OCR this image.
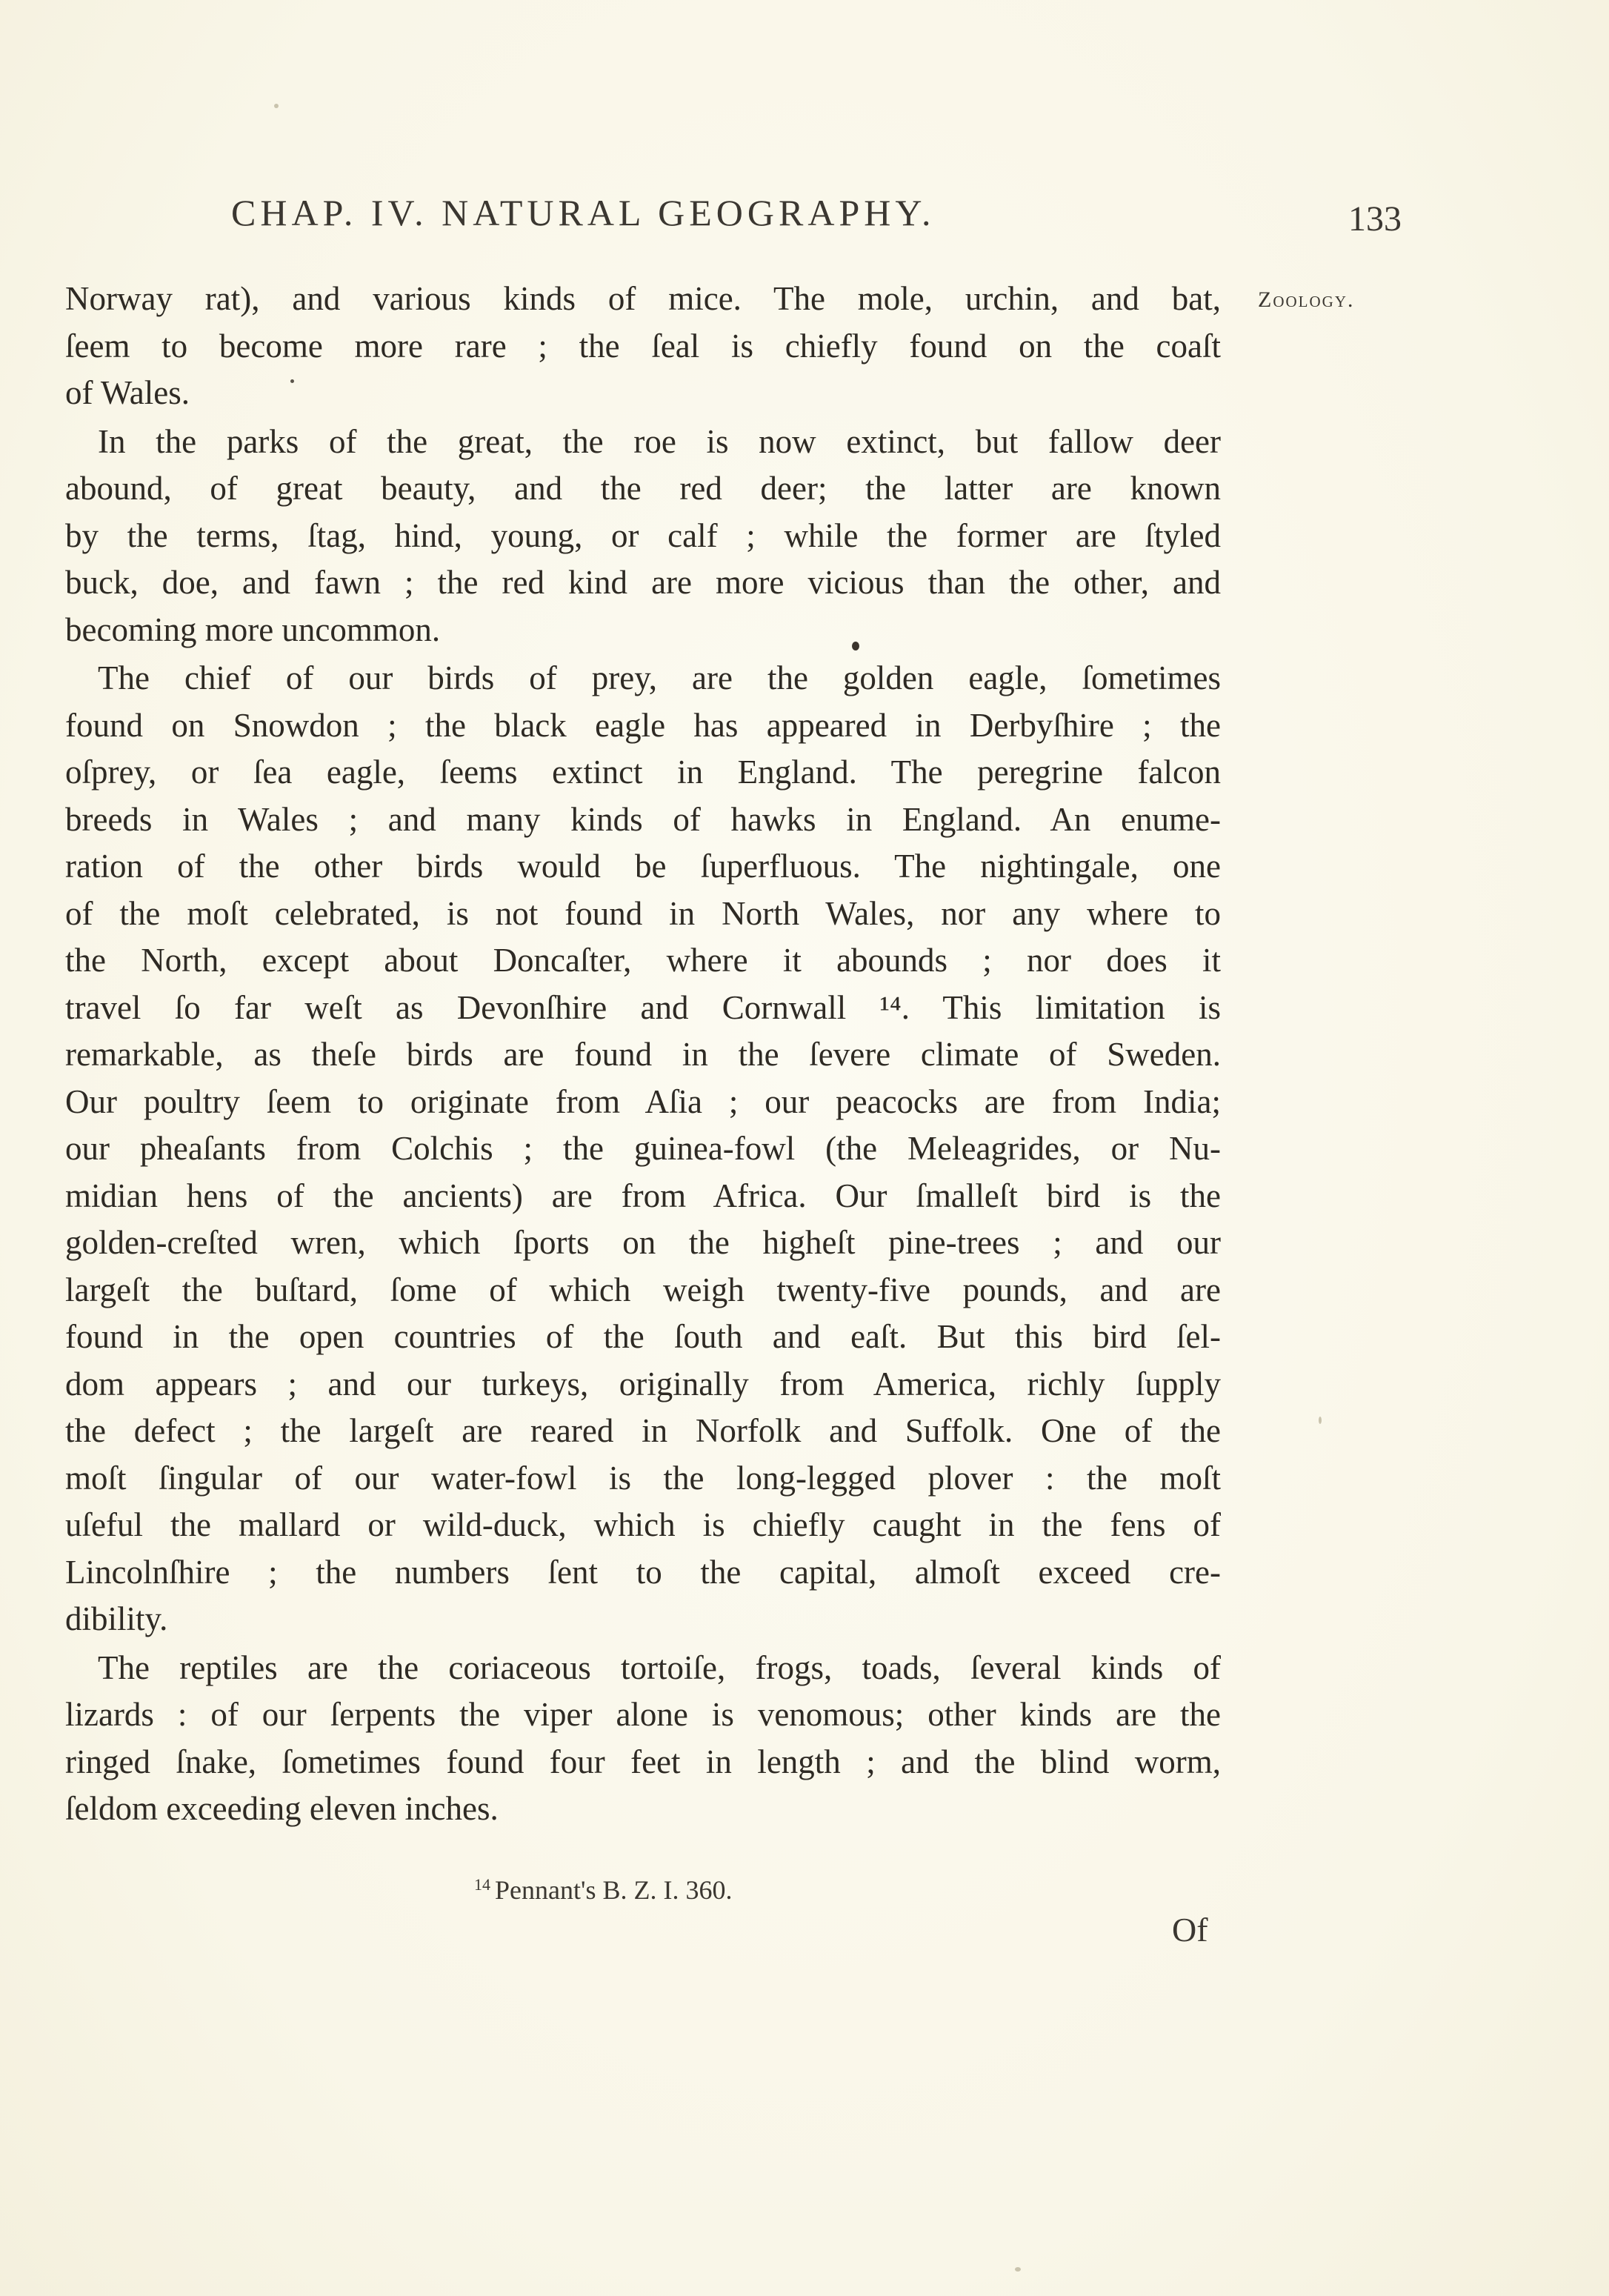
CHAP. IV. NATURAL GEOGRAPHY.	133
Zoology.
Norway rat), and various kinds of mice. The mole, urchin, and bat,
ſeem to become more rare ; the ſeal is chiefly found on the coaſt
of Wales.
In the parks of the great, the roe is now extinct, but fallow deer
abound, of great beauty, and the red deer; the latter are known
by the terms, ſtag, hind, young, or calf ; while the former are ſtyled
buck, doe, and fawn ; the red kind are more vicious than the other, and
becoming more uncommon.
The chief of our birds of prey, are the golden eagle, ſometimes
found on Snowdon ; the black eagle has appeared in Derbyſhire ; the
oſprey, or ſea eagle, ſeems extinct in England. The peregrine falcon
breeds in Wales ; and many kinds of hawks in England. An enume-
ration of the other birds would be ſuperfluous. The nightingale, one
of the moſt celebrated, is not found in North Wales, nor any where to
the North, except about Doncaſter, where it abounds ; nor does it
travel ſo far weſt as Devonſhire and Cornwall ¹⁴. This limitation is
remarkable, as theſe birds are found in the ſevere climate of Sweden.
Our poultry ſeem to originate from Aſia ; our peacocks are from India;
our pheaſants from Colchis ; the guinea-fowl (the Meleagrides, or Nu-
midian hens of the ancients) are from Africa. Our ſmalleſt bird is the
golden-creſted wren, which ſports on the higheſt pine-trees ; and our
largeſt the buſtard, ſome of which weigh twenty-five pounds, and are
found in the open countries of the ſouth and eaſt. But this bird ſel-
dom appears ; and our turkeys, originally from America, richly ſupply
the defect ; the largeſt are reared in Norfolk and Suffolk. One of the
moſt ſingular of our water-fowl is the long-legged plover : the moſt
uſeful the mallard or wild-duck, which is chiefly caught in the fens of
Lincolnſhire ; the numbers ſent to the capital, almoſt exceed cre-
dibility.
The reptiles are the coriaceous tortoiſe, frogs, toads, ſeveral kinds of
lizards : of our ſerpents the viper alone is venomous; other kinds are the
ringed ſnake, ſometimes found four feet in length ; and the blind worm,
ſeldom exceeding eleven inches.
$^{14}$ Pennant's B. Z. I. 360.
Of
